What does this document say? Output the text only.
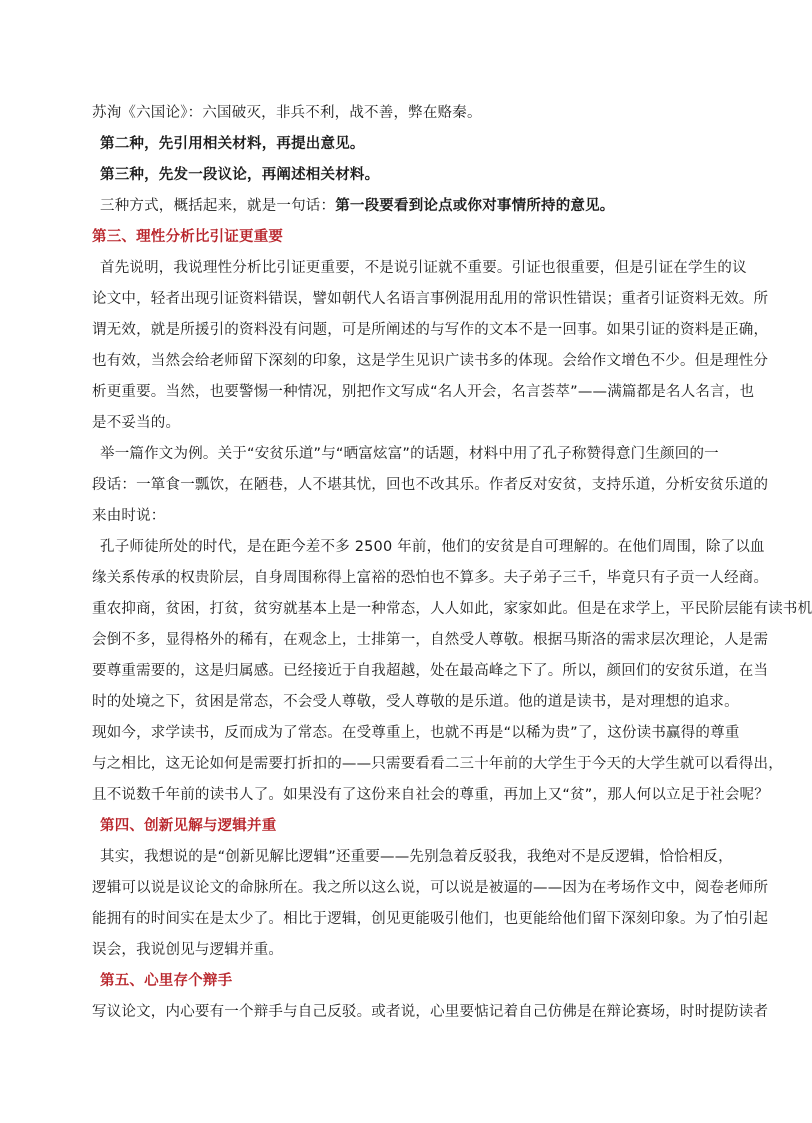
苏洵《六国论》：六国破灭，非兵不利，战不善，弊在赂秦。
第二种，先引用相关材料，再提出意见。
第三种，先发一段议论，再阐述相关材料。
三种方式，概括起来，就是一句话：第一段要看到论点或你对事情所持的意见。
第三、理性分析比引证更重要
首先说明，我说理性分析比引证更重要，不是说引证就不重要。引证也很重要，但是引证在学生的议
论文中，轻者出现引证资料错误，譬如朝代人名语言事例混用乱用的常识性错误；重者引证资料无效。所
谓无效，就是所援引的资料没有问题，可是所阐述的与写作的文本不是一回事。如果引证的资料是正确，
也有效，当然会给老师留下深刻的印象，这是学生见识广读书多的体现。会给作文增色不少。但是理性分
析更重要。当然，也要警惕一种情况，别把作文写成“名人开会，名言荟萃”——满篇都是名人名言，也
是不妥当的。
举一篇作文为例。关于“安贫乐道”与“晒富炫富”的话题，材料中用了孔子称赞得意门生颜回的一
段话：一箪食一瓢饮，在陋巷，人不堪其忧，回也不改其乐。作者反对安贫，支持乐道，分析安贫乐道的
来由时说：
孔子师徒所处的时代，是在距今差不多 2500 年前，他们的安贫是自可理解的。在他们周围，除了以血
缘关系传承的权贵阶层，自身周围称得上富裕的恐怕也不算多。夫子弟子三千，毕竟只有子贡一人经商。
重农抑商，贫困，打贫，贫穷就基本上是一种常态，人人如此，家家如此。但是在求学上，平民阶层能有读书机
会倒不多，显得格外的稀有，在观念上，士排第一，自然受人尊敬。根据马斯洛的需求层次理论，人是需
要尊重需要的，这是归属感。已经接近于自我超越，处在最高峰之下了。所以，颜回们的安贫乐道，在当
时的处境之下，贫困是常态，不会受人尊敬，受人尊敬的是乐道。他的道是读书，是对理想的追求。
现如今，求学读书，反而成为了常态。在受尊重上，也就不再是“以稀为贵”了，这份读书赢得的尊重
与之相比，这无论如何是需要打折扣的——只需要看看二三十年前的大学生于今天的大学生就可以看得出，
且不说数千年前的读书人了。如果没有了这份来自社会的尊重，再加上又“贫”，那人何以立足于社会呢？
第四、创新见解与逻辑并重
其实，我想说的是“创新见解比逻辑”还重要——先别急着反驳我，我绝对不是反逻辑，恰恰相反，
逻辑可以说是议论文的命脉所在。我之所以这么说，可以说是被逼的——因为在考场作文中，阅卷老师所
能拥有的时间实在是太少了。相比于逻辑，创见更能吸引他们，也更能给他们留下深刻印象。为了怕引起
误会，我说创见与逻辑并重。
第五、心里存个辩手
写议论文，内心要有一个辩手与自己反驳。或者说，心里要惦记着自己仿佛是在辩论赛场，时时提防读者
